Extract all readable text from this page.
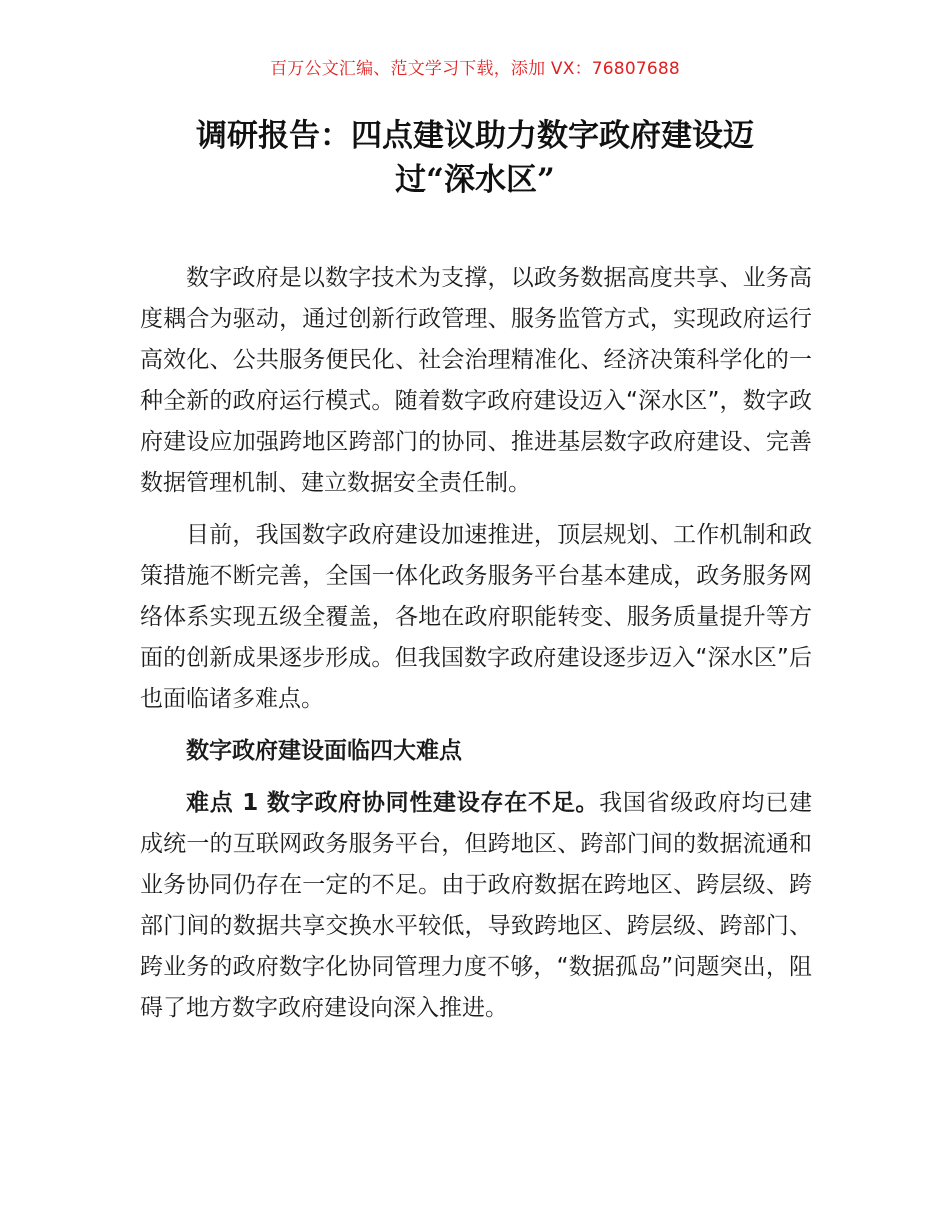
百万公文汇编、范文学习下载，添加 VX：76807688
调研报告：四点建议助力数字政府建设迈
过“深水区”

数字政府是以数字技术为支撑，以政务数据高度共享、业务高度耦合为驱动，通过创新行政管理、服务监管方式，实现政府运行高效化、公共服务便民化、社会治理精准化、经济决策科学化的一种全新的政府运行模式。随着数字政府建设迈入“深水区”，数字政府建设应加强跨地区跨部门的协同、推进基层数字政府建设、完善数据管理机制、建立数据安全责任制。

目前，我国数字政府建设加速推进，顶层规划、工作机制和政策措施不断完善，全国一体化政务服务平台基本建成，政务服务网络体系实现五级全覆盖，各地在政府职能转变、服务质量提升等方面的创新成果逐步形成。但我国数字政府建设逐步迈入“深水区”后也面临诸多难点。

数字政府建设面临四大难点

难点 1 数字政府协同性建设存在不足。我国省级政府均已建成统一的互联网政务服务平台，但跨地区、跨部门间的数据流通和业务协同仍存在一定的不足。由于政府数据在跨地区、跨层级、跨部门间的数据共享交换水平较低，导致跨地区、跨层级、跨部门、跨业务的政府数字化协同管理力度不够，“数据孤岛”问题突出，阻碍了地方数字政府建设向深入推进。
